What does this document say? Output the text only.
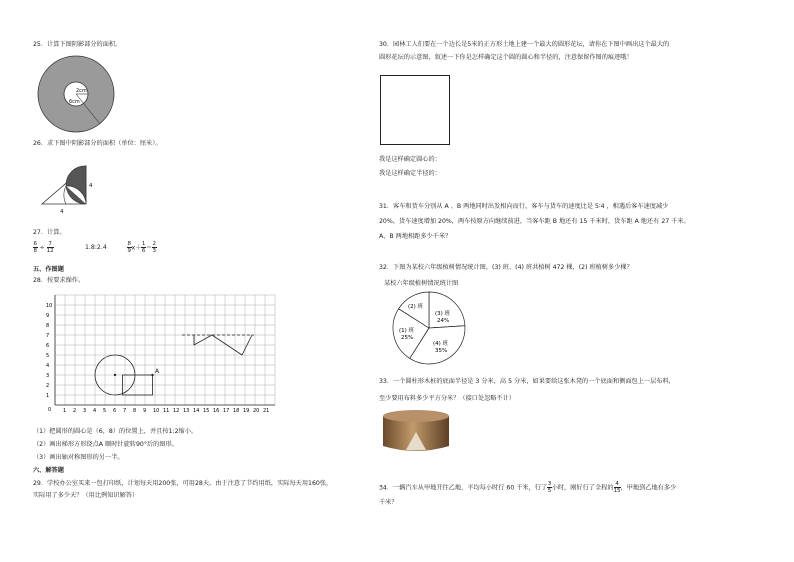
25．计算下图阴影部分的面积。
2cm
6cm
26．求下图中阴影部分的面积（单位：厘米）。
4
4
27．计算。
$\frac{6}{8} \div \frac{7}{12}$	1.8:2.4	$\frac{8}{9} x+ \frac{1}{6} = \frac{2}{3}$
五、作图题
28．按要求操作。
1 2 3 4 5 6 7 8 9 10 11 12 13 14 15 16 17 18 19 20 21
1
2
3
4
5
6
7
8
9
10
0
A
（1）把圆形的圆心是（6，8）的位置上，并且按1:2缩小。
（2）画出梯形方形绕点A 顺时针旋转90°后的图形。
（3）画出轴对称图形的另一半。
六、解答题
29．学校办公室买来一包打印纸，计划每天用200张，可用28天。由于注意了节约用纸，实际每天用160张，
实际用了多少天？（用比例知识解答）
30．园林工人们要在一个边长是5米的正方形土地上建一个最大的圆形花坛，请你在下图中画出这个最大的
圆形花坛的示意图，叙述一下你是怎样确定这个圆的圆心和半径的，注意保留作图的痕迹哦！
我是这样确定圆心的：
我是这样确定半径的：
31．客车和货车分别从 A 、B 两地同时出发相向而行，客车与货车的速度比是 5∶4 ，相遇后客车速度减少
20%，货车速度增加 20%，两车按原方向继续前进，当客车距 B 地还有 15 千米时，货车距 A 地还有 27 千米。
A、B 两地相距多少千米？
32．下图为某校六年级植树情况统计图，(3) 班、(4) 班共植树 472 棵，(2) 班植树多少棵？
某校六年级植树情况统计图
(1) 班
25%
(2) 班
(3) 班
24%
(4) 班
35%
33．一个圆柱形木桩的底面半径是 3 分米，高 5 分米，如果要给这张木凳的一个底面和侧面包上一层布料，
至少要用布料多少平方分米？（接口处忽略不计）
34．一辆汽车从甲地开往乙地，平均每小时行 60 千米，行了 $\frac{3}{5}$ 小时，刚好行了全程的 $\frac{4}{15}$ ，甲地到乙地有多少
千米？
